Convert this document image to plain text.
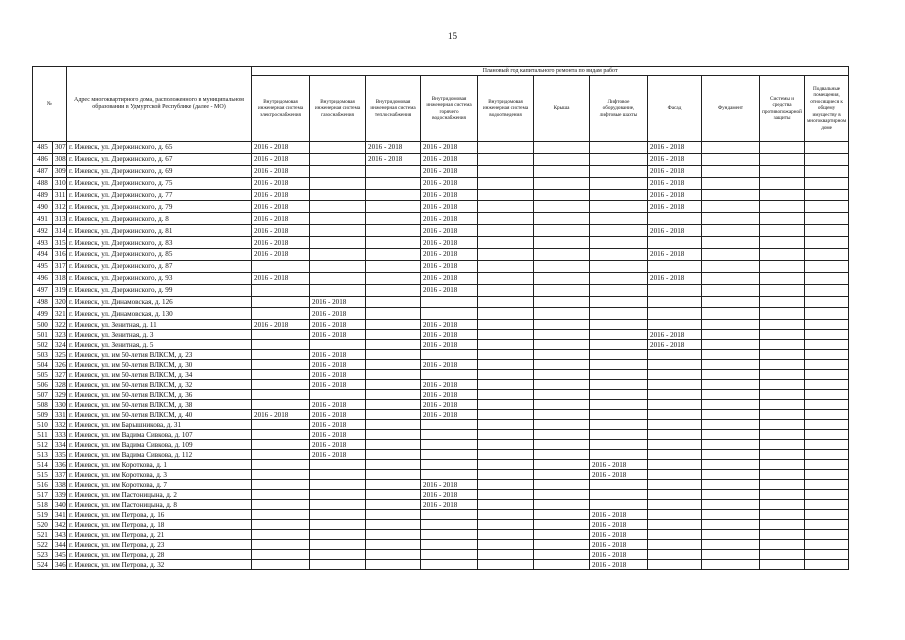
15
№		Адрес многоквартирного дома, расположенного в муниципальном образовании в Удмуртской Республике (далее - МО)	Плановый год капитального ремонта по видам работ										
			Внутридомовая инженерная система электроснабжения	Внутридомовая инженерная система газоснабжения	Внутридомовая инженерная система теплоснабжения	Внутридомовая инженерная система горячего водоснабжения	Внутридомовая инженерная система водоотведения	Крыша	Лифтовое оборудование, лифтовые шахты	Фасад	Фундамент	Системы и средства противопожарной защиты	Подвальные помещения, относящиеся к общему имуществу в многоквартирном доме
485	307	г. Ижевск, ул. Дзержинского, д. 65	2016 - 2018		2016 - 2018	2016 - 2018				2016 - 2018			
486	308	г. Ижевск, ул. Дзержинского, д. 67	2016 - 2018		2016 - 2018	2016 - 2018				2016 - 2018			
487	309	г. Ижевск, ул. Дзержинского, д. 69	2016 - 2018			2016 - 2018				2016 - 2018			
488	310	г. Ижевск, ул. Дзержинского, д. 75	2016 - 2018			2016 - 2018				2016 - 2018			
489	311	г. Ижевск, ул. Дзержинского, д. 77	2016 - 2018			2016 - 2018				2016 - 2018			
490	312	г. Ижевск, ул. Дзержинского, д. 79	2016 - 2018			2016 - 2018				2016 - 2018			
491	313	г. Ижевск, ул. Дзержинского, д. 8	2016 - 2018			2016 - 2018							
492	314	г. Ижевск, ул. Дзержинского, д. 81	2016 - 2018			2016 - 2018				2016 - 2018			
493	315	г. Ижевск, ул. Дзержинского, д. 83	2016 - 2018			2016 - 2018							
494	316	г. Ижевск, ул. Дзержинского, д. 85	2016 - 2018			2016 - 2018				2016 - 2018			
495	317	г. Ижевск, ул. Дзержинского, д. 87				2016 - 2018							
496	318	г. Ижевск, ул. Дзержинского, д. 93	2016 - 2018			2016 - 2018				2016 - 2018			
497	319	г. Ижевск, ул. Дзержинского, д. 99				2016 - 2018							
498	320	г. Ижевск, ул. Динамовская, д. 126		2016 - 2018									
499	321	г. Ижевск, ул. Динамовская, д. 130		2016 - 2018									
500	322	г. Ижевск, ул. Зенитная, д. 11	2016 - 2018	2016 - 2018		2016 - 2018							
501	323	г. Ижевск, ул. Зенитная, д. 3		2016 - 2018		2016 - 2018				2016 - 2018			
502	324	г. Ижевск, ул. Зенитная, д. 5				2016 - 2018				2016 - 2018			
503	325	г. Ижевск, ул. им 50-летия ВЛКСМ, д. 23		2016 - 2018									
504	326	г. Ижевск, ул. им 50-летия ВЛКСМ, д. 30		2016 - 2018		2016 - 2018							
505	327	г. Ижевск, ул. им 50-летия ВЛКСМ, д. 34		2016 - 2018									
506	328	г. Ижевск, ул. им 50-летия ВЛКСМ, д. 32		2016 - 2018		2016 - 2018							
507	329	г. Ижевск, ул. им 50-летия ВЛКСМ, д. 36				2016 - 2018							
508	330	г. Ижевск, ул. им 50-летия ВЛКСМ, д. 38		2016 - 2018		2016 - 2018							
509	331	г. Ижевск, ул. им 50-летия ВЛКСМ, д. 40	2016 - 2018	2016 - 2018		2016 - 2018							
510	332	г. Ижевск, ул. им Барышникова, д. 31		2016 - 2018									
511	333	г. Ижевск, ул. им Вадима Сивкова, д. 107		2016 - 2018									
512	334	г. Ижевск, ул. им Вадима Сивкова, д. 109		2016 - 2018									
513	335	г. Ижевск, ул. им Вадима Сивкова, д. 112		2016 - 2018									
514	336	г. Ижевск, ул. им Короткова, д. 1							2016 - 2018				
515	337	г. Ижевск, ул. им Короткова, д. 3							2016 - 2018				
516	338	г. Ижевск, ул. им Короткова, д. 7				2016 - 2018							
517	339	г. Ижевск, ул. им Пастоницына, д. 2				2016 - 2018							
518	340	г. Ижевск, ул. им Пастоницына, д. 8				2016 - 2018							
519	341	г. Ижевск, ул. им Петрова, д. 16							2016 - 2018				
520	342	г. Ижевск, ул. им Петрова, д. 18							2016 - 2018				
521	343	г. Ижевск, ул. им Петрова, д. 21							2016 - 2018				
522	344	г. Ижевск, ул. им Петрова, д. 23							2016 - 2018				
523	345	г. Ижевск, ул. им Петрова, д. 28							2016 - 2018				
524	346	г. Ижевск, ул. им Петрова, д. 32							2016 - 2018				
